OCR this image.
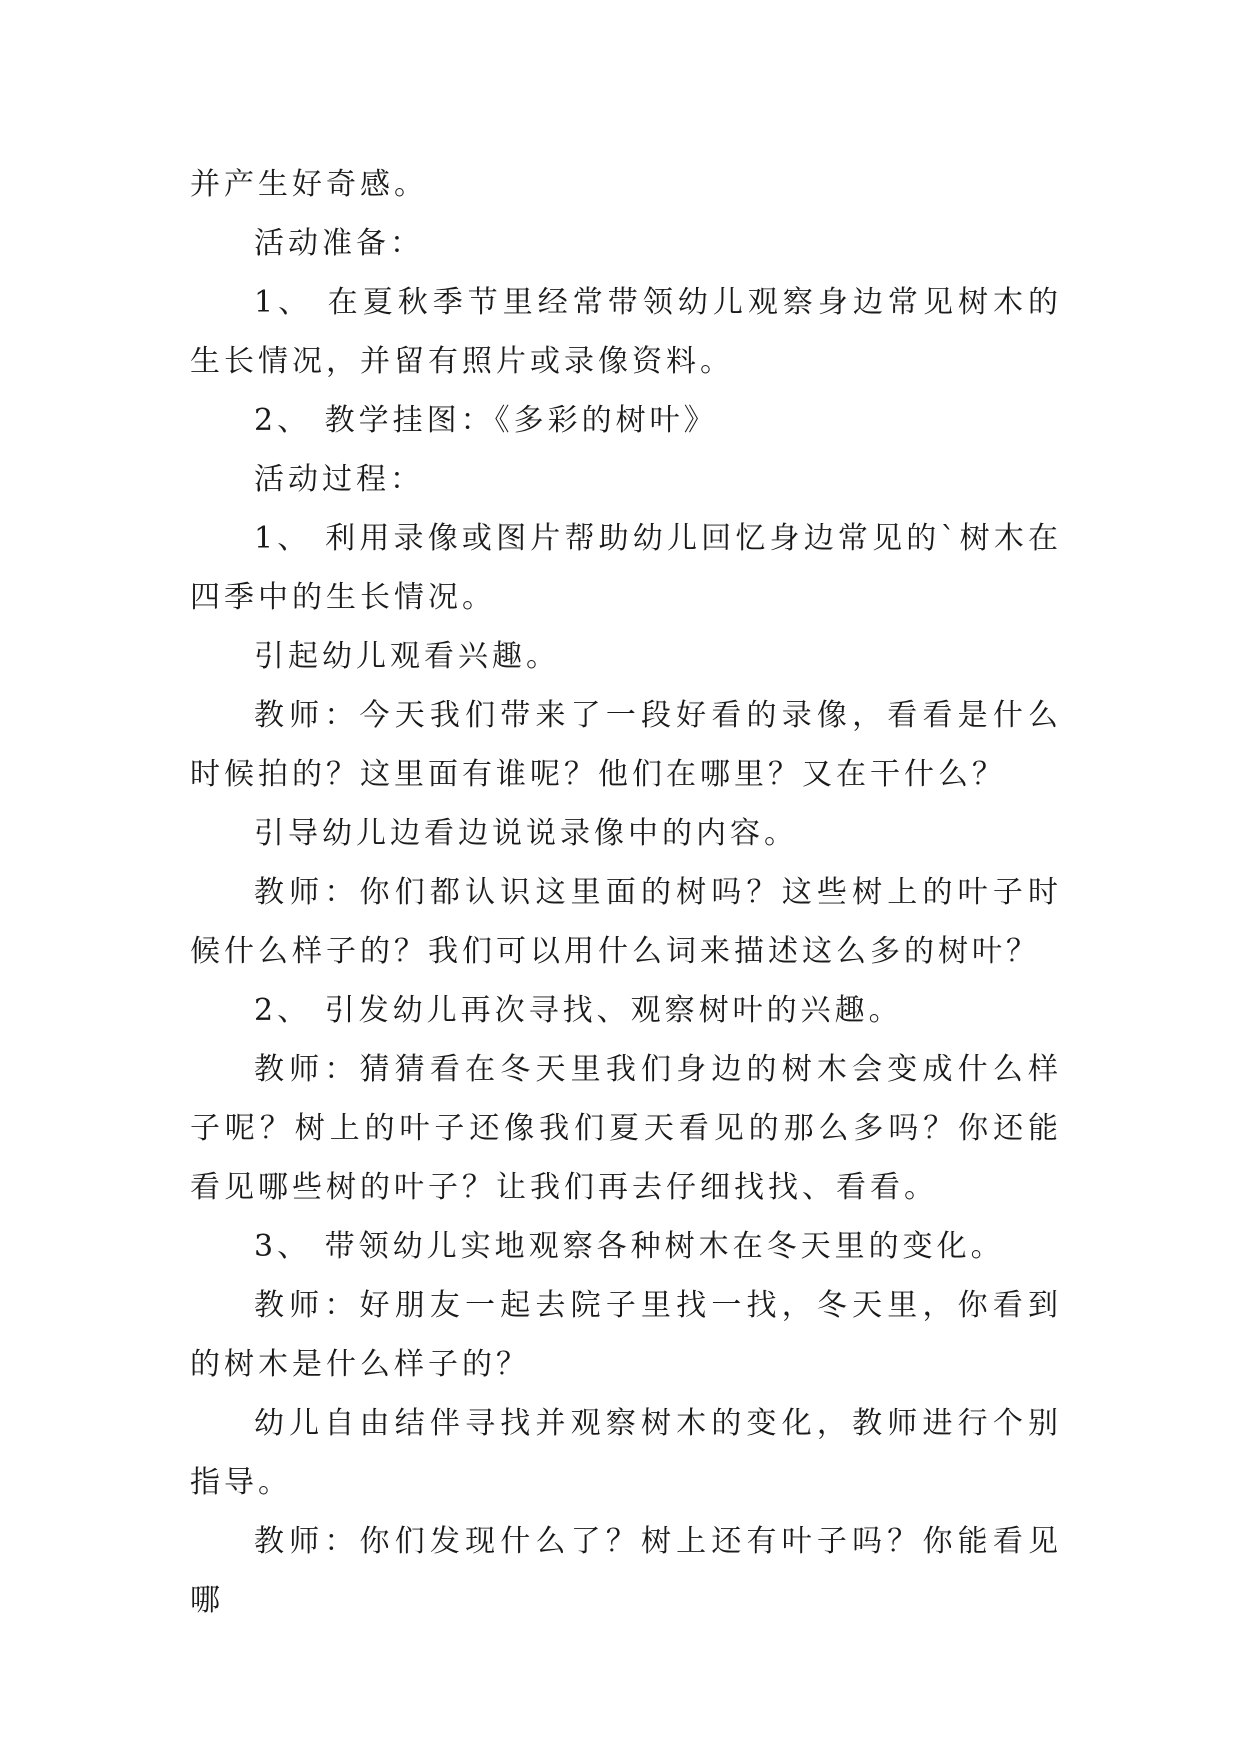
并产生好奇感。

活动准备：

1、 在夏秋季节里经常带领幼儿观察身边常见树木的生长情况，并留有照片或录像资料。

2、 教学挂图：《多彩的树叶》

活动过程：

1、 利用录像或图片帮助幼儿回忆身边常见的`树木在四季中的生长情况。

引起幼儿观看兴趣。

教师：今天我们带来了一段好看的录像，看看是什么时候拍的？这里面有谁呢？他们在哪里？又在干什么？

引导幼儿边看边说说录像中的内容。

教师：你们都认识这里面的树吗？这些树上的叶子时候什么样子的？我们可以用什么词来描述这么多的树叶？

2、 引发幼儿再次寻找、观察树叶的兴趣。

教师：猜猜看在冬天里我们身边的树木会变成什么样子呢？树上的叶子还像我们夏天看见的那么多吗？你还能看见哪些树的叶子？让我们再去仔细找找、看看。

3、 带领幼儿实地观察各种树木在冬天里的变化。

教师：好朋友一起去院子里找一找，冬天里，你看到的树木是什么样子的？

幼儿自由结伴寻找并观察树木的变化，教师进行个别指导。

教师：你们发现什么了？树上还有叶子吗？你能看见哪
